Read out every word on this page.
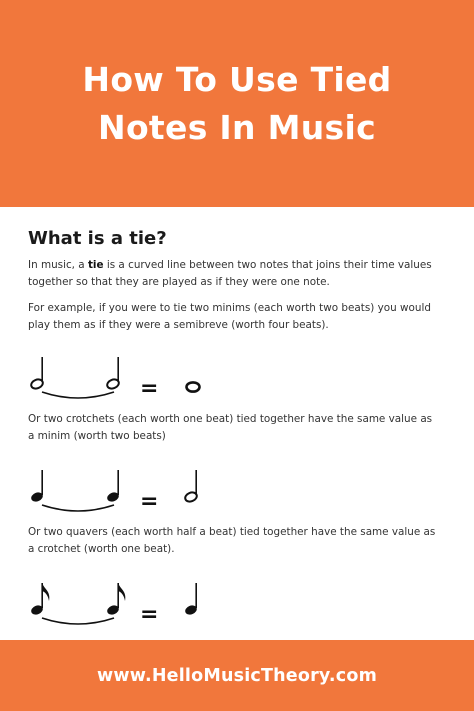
How To Use Tied Notes In Music
What is a tie?

In music, a tie is a curved line between two notes that joins their time values together so that they are played as if they were one note.

For example, if you were to tie two minims (each worth two beats) you would play them as if they were a semibreve (worth four beats).

=

Or two crotchets (each worth one beat) tied together have the same value as a minim (worth two beats)

=

Or two quavers (each worth half a beat) tied together have the same value as a crotchet (worth one beat).

=
www.HelloMusicTheory.com
